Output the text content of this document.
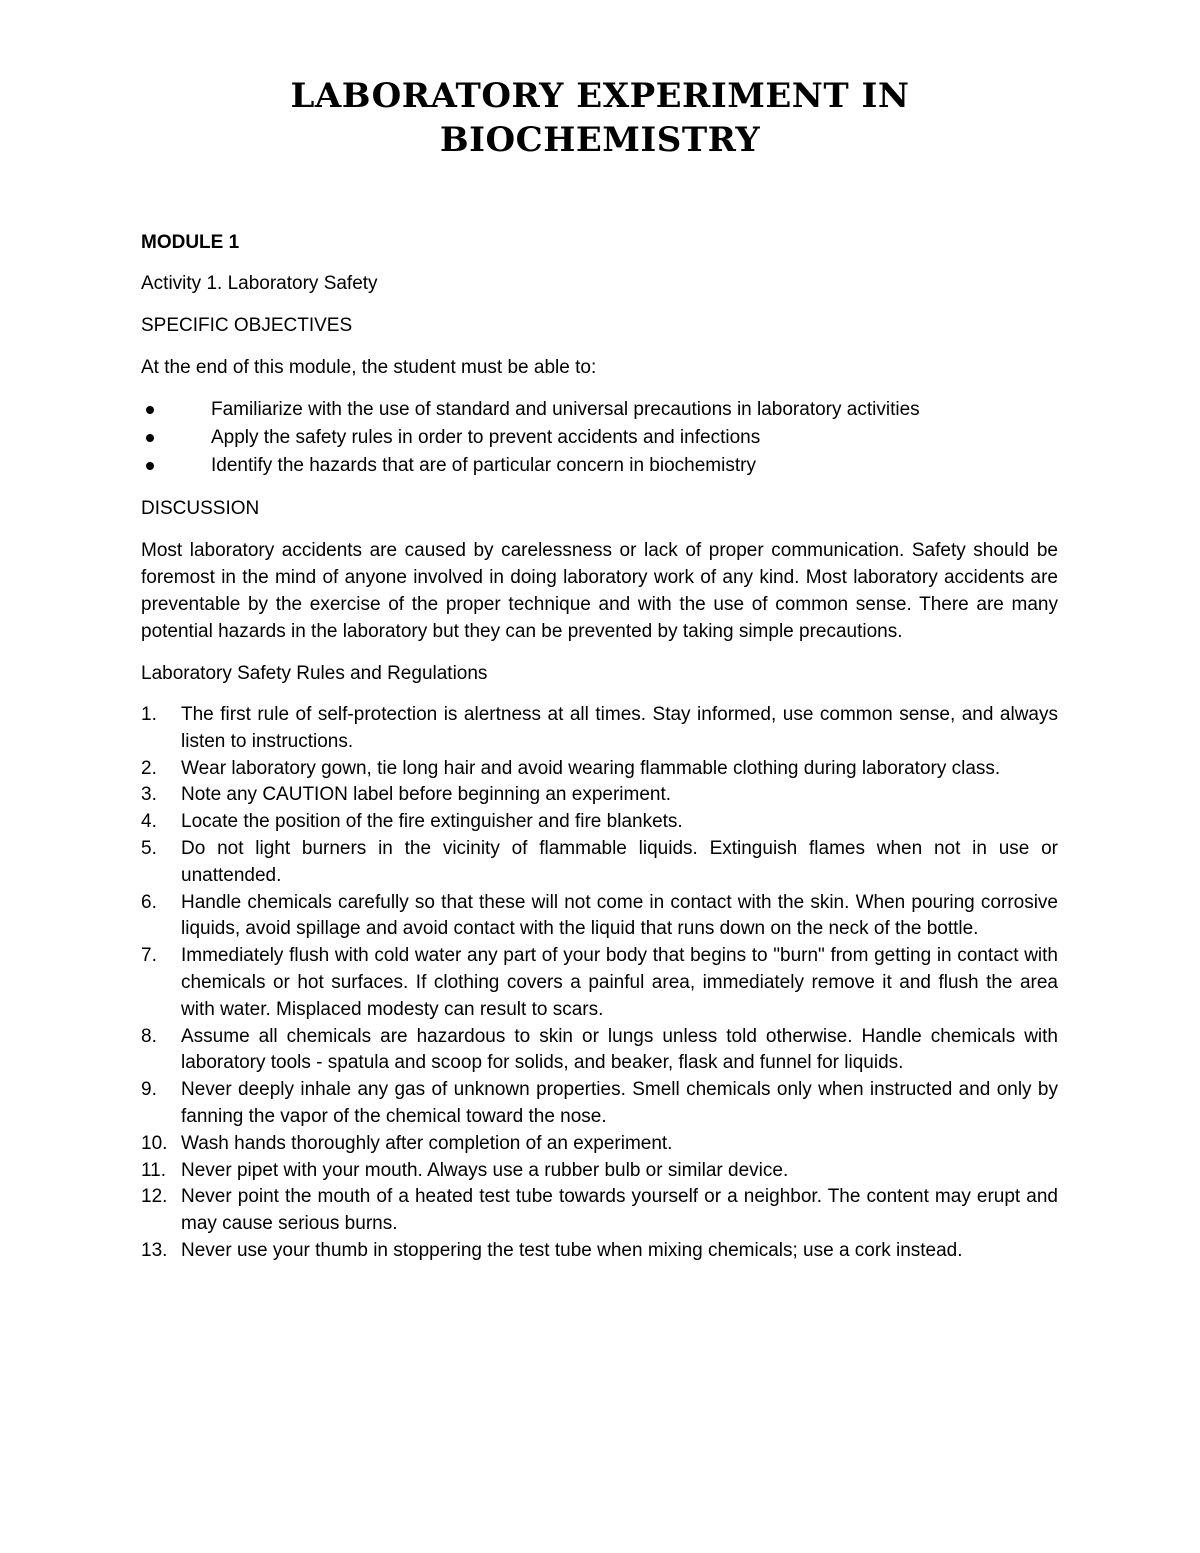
LABORATORY EXPERIMENT IN
BIOCHEMISTRY
MODULE 1

Activity 1. Laboratory Safety

SPECIFIC OBJECTIVES

At the end of this module, the student must be able to:

Familiarize with the use of standard and universal precautions in laboratory activities
Apply the safety rules in order to prevent accidents and infections
Identify the hazards that are of particular concern in biochemistry

DISCUSSION

Most laboratory accidents are caused by carelessness or lack of proper communication. Safety should be foremost in the mind of anyone involved in doing laboratory work of any kind. Most laboratory accidents are preventable by the exercise of the proper technique and with the use of common sense. There are many potential hazards in the laboratory but they can be prevented by taking simple precautions.

Laboratory Safety Rules and Regulations

1.	The first rule of self-protection is alertness at all times. Stay informed, use common sense, and always listen to instructions.
2.	Wear laboratory gown, tie long hair and avoid wearing flammable clothing during laboratory class.
3.	Note any CAUTION label before beginning an experiment.
4.	Locate the position of the fire extinguisher and fire blankets.
5.	Do not light burners in the vicinity of flammable liquids. Extinguish flames when not in use or unattended.
6.	Handle chemicals carefully so that these will not come in contact with the skin. When pouring corrosive liquids, avoid spillage and avoid contact with the liquid that runs down on the neck of the bottle.
7.	Immediately flush with cold water any part of your body that begins to "burn" from getting in contact with chemicals or hot surfaces. If clothing covers a painful area, immediately remove it and flush the area with water. Misplaced modesty can result to scars.
8.	Assume all chemicals are hazardous to skin or lungs unless told otherwise. Handle chemicals with laboratory tools - spatula and scoop for solids, and beaker, flask and funnel for liquids.
9.	Never deeply inhale any gas of unknown properties. Smell chemicals only when instructed and only by fanning the vapor of the chemical toward the nose.
10. Wash hands thoroughly after completion of an experiment.
11. Never pipet with your mouth. Always use a rubber bulb or similar device.
12. Never point the mouth of a heated test tube towards yourself or a neighbor. The content may erupt and may cause serious burns.
13. Never use your thumb in stoppering the test tube when mixing chemicals; use a cork instead.
